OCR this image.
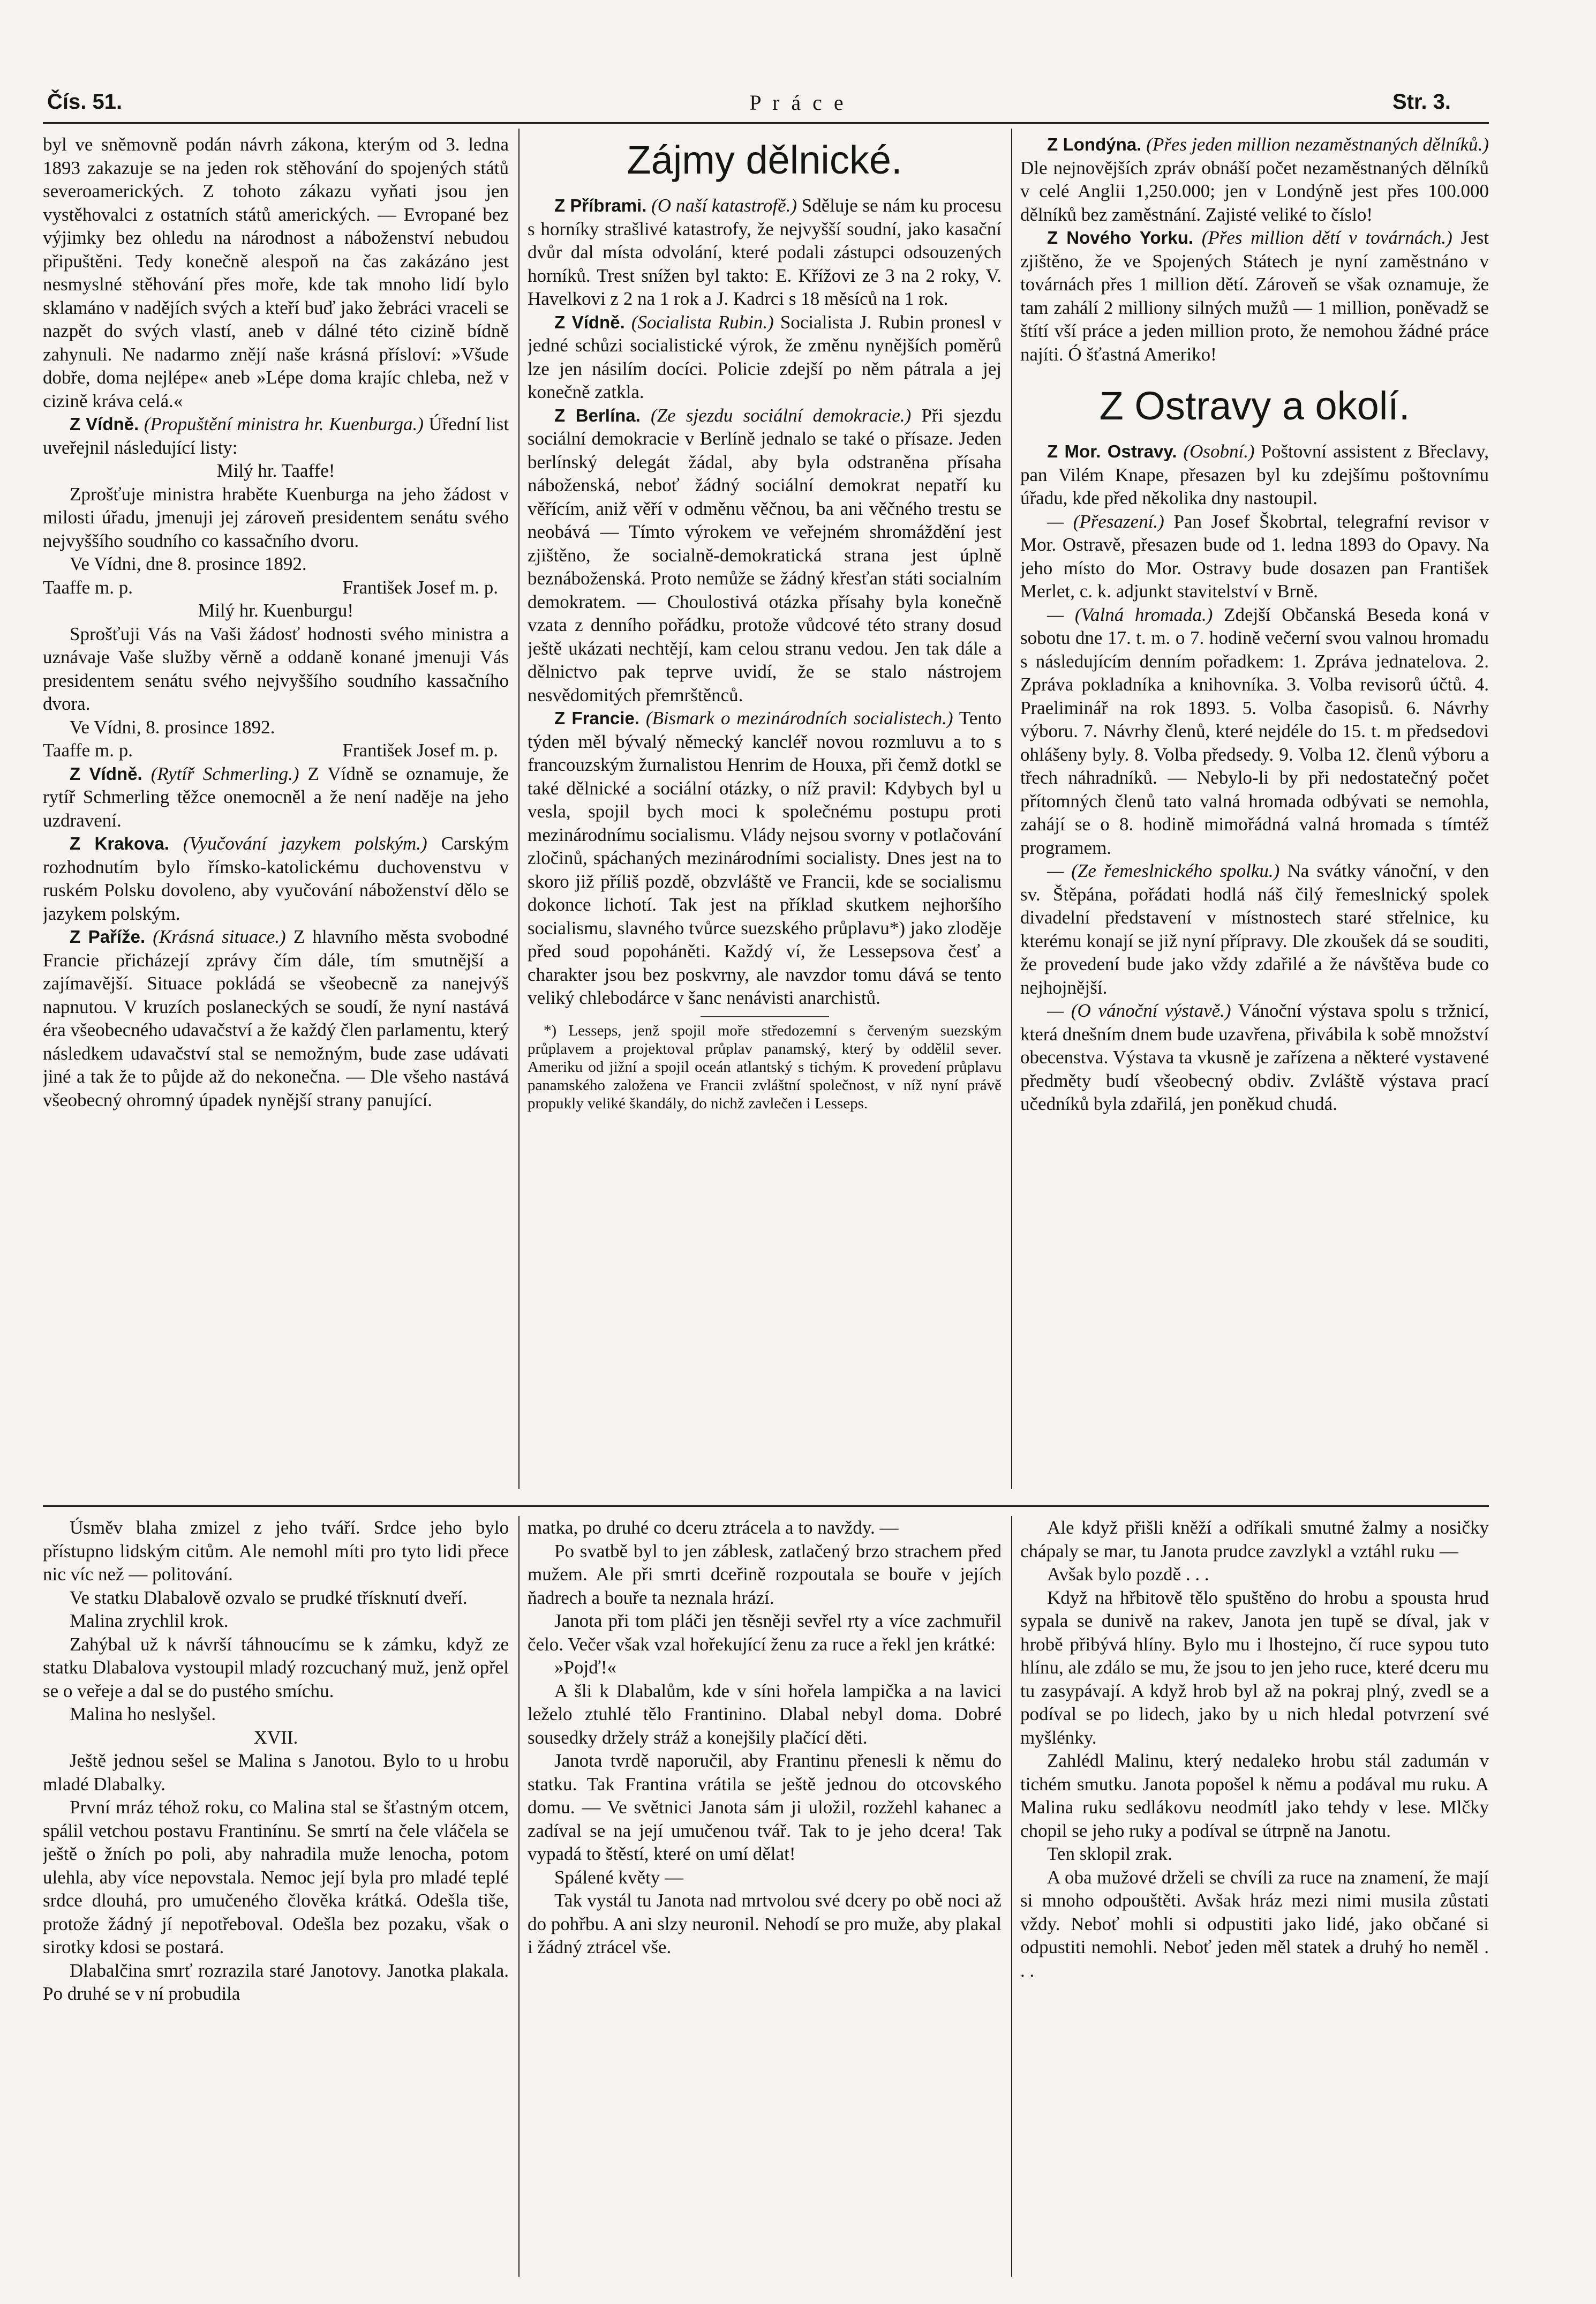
Čís. 51.	P r á c e	Str. 3.

byl ve sněmovně podán návrh zákona, kterým od 3. ledna 1893 zakazuje se na jeden rok stěhování do spojených států severoamerických. Z tohoto zákazu vyňati jsou jen vystěhovalci z ostatních států amerických. — Evropané bez výjimky bez ohledu na národnost a náboženství nebudou připuštěni. Tedy konečně alespoň na čas zakázáno jest nesmyslné stěhování přes moře, kde tak mnoho lidí bylo sklamáno v nadějích svých a kteří buď jako žebráci vraceli se nazpět do svých vlastí, aneb v dálné této cizině bídně zahynuli. Ne nadarmo znějí naše krásná přísloví: »Všude dobře, doma nejlépe« aneb »Lépe doma krajíc chleba, než v cizině kráva celá.«

Z Vídně. (Propuštění ministra hr. Kuenburga.) Úřední list uveřejnil následující listy:

Milý hr. Taaffe!

Zprošťuje ministra hraběte Kuenburga na jeho žádost v milosti úřadu, jmenuji jej zároveň presidentem senátu svého nejvyššího soudního co kassačního dvoru.

Ve Vídni, dne 8. prosince 1892.

Taaffe m. p.	František Josef m. p.

Milý hr. Kuenburgu!

Sprošťuji Vás na Vaši žádosť hodnosti svého ministra a uznávaje Vaše služby věrně a oddaně konané jmenuji Vás presidentem senátu svého nejvyššího soudního kassačního dvora.

Ve Vídni, 8. prosince 1892.

Taaffe m. p.	František Josef m. p.

Z Vídně. (Rytíř Schmerling.) Z Vídně se oznamuje, že rytíř Schmerling těžce onemocněl a že není naděje na jeho uzdravení.

Z Krakova. (Vyučování jazykem polským.) Carským rozhodnutím bylo římsko-katolickému duchovenstvu v ruském Polsku dovoleno, aby vyučování náboženství dělo se jazykem polským.

Z Paříže. (Krásná situace.) Z hlavního města svobodné Francie přicházejí zprávy čím dále, tím smutnější a zajímavější. Situace pokládá se všeobecně za nanejvýš napnutou. V kruzích poslaneckých se soudí, že nyní nastává éra všeobecného udavačství a že každý člen parlamentu, který následkem udavačství stal se nemožným, bude zase udávati jiné a tak že to půjde až do nekonečna. — Dle všeho nastává všeobecný ohromný úpadek nynější strany panující.

Zájmy dělnické.

Z Příbrami. (O naší katastrofě.) Sděluje se nám ku procesu s horníky strašlivé katastrofy, že nejvyšší soudní, jako kasační dvůr dal místa odvolání, které podali zástupci odsouzených horníků. Trest snížen byl takto: E. Křížovi ze 3 na 2 roky, V. Havelkovi z 2 na 1 rok a J. Kadrci s 18 měsíců na 1 rok.

Z Vídně. (Socialista Rubin.) Socialista J. Rubin pronesl v jedné schůzi socialistické výrok, že změnu nynějších poměrů lze jen násilím docíci. Policie zdejší po něm pátrala a jej konečně zatkla.

Z Berlína. (Ze sjezdu sociální demokracie.) Při sjezdu sociální demokracie v Berlíně jednalo se také o přísaze. Jeden berlínský delegát žádal, aby byla odstraněna přísaha náboženská, neboť žádný sociální demokrat nepatří ku věřícím, aniž věří v odměnu věčnou, ba ani věčného trestu se neobává — Tímto výrokem ve veřejném shromáždění jest zjištěno, že socialně-demokratická strana jest úplně beznáboženská. Proto nemůže se žádný křesťan státi socialním demokratem. — Choulostivá otázka přísahy byla konečně vzata z denního pořádku, protože vůdcové této strany dosud ještě ukázati nechtějí, kam celou stranu vedou. Jen tak dále a dělnictvo pak teprve uvidí, že se stalo nástrojem nesvědomitých přemrštěnců.

Z Francie. (Bismark o mezinárodních socialistech.) Tento týden měl bývalý německý kancléř novou rozmluvu a to s francouzským žurnalistou Henrim de Houxa, při čemž dotkl se také dělnické a sociální otázky, o níž pravil: Kdybych byl u vesla, spojil bych moci k společnému postupu proti mezinárodnímu socialismu. Vlády nejsou svorny v potlačování zločinů, spáchaných mezinárodními socialisty. Dnes jest na to skoro již příliš pozdě, obzvláště ve Francii, kde se socialismu dokonce lichotí. Tak jest na příklad skutkem nejhoršího socialismu, slavného tvůrce suezského průplavu*) jako zloděje před soud popoháněti. Každý ví, že Lessepsova česť a charakter jsou bez poskvrny, ale navzdor tomu dává se tento veliký chlebodárce v šanc nenávisti anarchistů.

*) Lesseps, jenž spojil moře středozemní s červeným suezským průplavem a projektoval průplav panamský, který by oddělil sever. Ameriku od jižní a spojil oceán atlantský s tichým. K provedení průplavu panamského založena ve Francii zvláštní společnost, v níž nyní právě propukly veliké škandály, do nichž zavlečen i Lesseps.

Z Londýna. (Přes jeden million nezaměstnaných dělníků.) Dle nejnovějších zpráv obnáší počet nezaměstnaných dělníků v celé Anglii 1,250.000; jen v Londýně jest přes 100.000 dělníků bez zaměstnání. Zajisté veliké to číslo!

Z Nového Yorku. (Přes million dětí v továrnách.) Jest zjištěno, že ve Spojených Státech je nyní zaměstnáno v továrnách přes 1 million dětí. Zároveň se však oznamuje, že tam zahálí 2 millionу silných mužů — 1 million, poněvadž se štítí vší práce a jeden million proto, že nemohou žádné práce najíti. Ó šťastná Ameriko!

Z Ostravy a okolí.

Z Mor. Ostravy. (Osobní.) Poštovní assistent z Břeclavy, pan Vilém Knape, přesazen byl ku zdejšímu poštovnímu úřadu, kde před několika dny nastoupil.

— (Přesazení.) Pan Josef Škobrtal, telegrafní revisor v Mor. Ostravě, přesazen bude od 1. ledna 1893 do Opavy. Na jeho místo do Mor. Ostravy bude dosazen pan František Merlet, c. k. adjunkt stavitelství v Brně.

— (Valná hromada.) Zdejší Občanská Beseda koná v sobotu dne 17. t. m. o 7. hodině večerní svou valnou hromadu s následujícím denním pořadkem: 1. Zpráva jednatelova. 2. Zpráva pokladníka a knihovníka. 3. Volba revisorů účtů. 4. Praeliminář na rok 1893. 5. Volba časopisů. 6. Návrhy výboru. 7. Návrhy členů, které nejdéle do 15. t. m předsedovi ohlášeny byly. 8. Volba předsedy. 9. Volba 12. členů výboru a třech náhradníků. — Nebylo-li by při nedostatečný počet přítomných členů tato valná hromada odbývati se nemohla, zahájí se o 8. hodině mimořádná valná hromada s tímtéž programem.

— (Ze řemeslnického spolku.) Na svátky vánoční, v den sv. Štěpána, pořádati hodlá náš čilý řemeslnický spolek divadelní představení v místnostech staré střelnice, ku kterému konají se již nyní přípravy. Dle zkoušek dá se souditi, že provedení bude jako vždy zdařilé a že návštěva bude co nejhojnější.

— (O vánoční výstavě.) Vánoční výstava spolu s tržnicí, která dnešním dnem bude uzavřena, přivábila k sobě množství obecenstva. Výstava ta vkusně je zařízena a některé vystavené předměty budí všeobecný obdiv. Zvláště výstava prací učedníků byla zdařilá, jen poněkud chudá.

Úsměv blaha zmizel z jeho tváří. Srdce jeho bylo přístupno lidským citům. Ale nemohl míti pro tyto lidi přece nic víc než — politování.

Ve statku Dlabalově ozvalo se prudké třísknutí dveří.

Malina zrychlil krok.

Zahýbal už k návrší táhnoucímu se k zámku, když ze statku Dlabalova vystoupil mladý rozcuchaný muž, jenž opřel se o veřeje a dal se do pustého smíchu.

Malina ho neslyšel.

XVII.

Ještě jednou sešel se Malina s Janotou. Bylo to u hrobu mladé Dlabalky.

První mráz téhož roku, co Malina stal se šťastným otcem, spálil vetchou postavu Frantinínu. Se smrtí na čele vláčela se ještě o žních po poli, aby nahradila muže lenocha, potom ulehla, aby více nepovstala. Nemoc její byla pro mladé teplé srdce dlouhá, pro umučeného člověka krátká. Odešla tiše, protože žádný jí nepotřeboval. Odešla bez pozaku, však o sirotky kdosi se postará.

Dlabalčina smrť rozrazila staré Janotovy. Janotka plakala. Po druhé se v ní probudila

matka, po druhé co dceru ztrácela a to navždy. —

Po svatbě byl to jen záblesk, zatlačený brzo strachem před mužem. Ale při smrti dceřině rozpoutala se bouře v jejích ňadrech a bouře ta neznala hrází.

Janota při tom pláči jen těsněji sevřel rty a více zachmuřil čelo. Večer však vzal hořekující ženu za ruce a řekl jen krátké:

»Pojď!«

A šli k Dlabalům, kde v síni hořela lampička a na lavici leželo ztuhlé tělo Frantinino. Dlabal nebyl doma. Dobré sousedky držely stráž a konejšily plačící děti.

Janota tvrdě naporučil, aby Frantinu přenesli k němu do statku. Tak Frantina vrátila se ještě jednou do otcovského domu. — Ve světnici Janota sám ji uložil, rozžehl kahanec a zadíval se na její umučenou tvář. Tak to je jeho dcera! Tak vypadá to štěstí, které on umí dělat!

Spálené květy —

Tak vystál tu Janota nad mrtvolou své dcery po obě noci až do pohřbu. A ani slzy neuronil. Nehodí se pro muže, aby plakal i žádný ztrácel vše.

Ale když přišli kněží a odříkali smutné žalmy a nosičky chápaly se mar, tu Janota prudce zavzlykl a vztáhl ruku —

Avšak bylo pozdě . . .

Když na hřbitově tělo spuštěno do hrobu a spousta hrud sypala se dunivě na rakev, Janota jen tupě se díval, jak v hrobě přibývá hlíny. Bylo mu i lhostejno, čí ruce sypou tuto hlínu, ale zdálo se mu, že jsou to jen jeho ruce, které dceru mu tu zasypávají. A když hrob byl až na pokraj plný, zvedl se a podíval se po lidech, jako by u nich hledal potvrzení své myšlénky.

Zahlédl Malinu, který nedaleko hrobu stál zadumán v tichém smutku. Janota popošel k němu a podával mu ruku. A Malina ruku sedlákovu neodmítl jako tehdy v lese. Mlčky chopil se jeho ruky a podíval se útrpně na Janotu.

Ten sklopil zrak.

A oba mužové drželi se chvíli za ruce na znamení, že mají si mnoho odpouštěti. Avšak hráz mezi nimi musila zůstati vždy. Neboť mohli si odpustiti jako lidé, jako občané si odpustiti nemohli. Neboť jeden měl statek a druhý ho neměl . . .
